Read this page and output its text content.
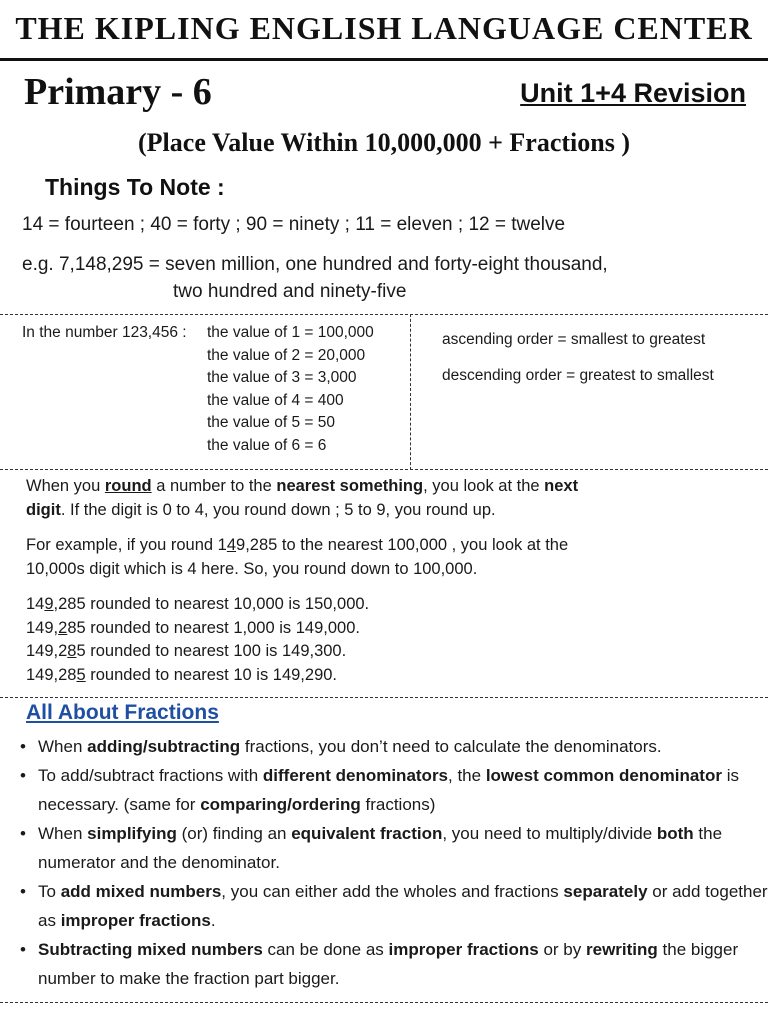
THE KIPLING ENGLISH LANGUAGE CENTER
Primary - 6	Unit 1+4 Revision
(Place Value Within 10,000,000 + Fractions )
Things To Note :
14 = fourteen ; 40 = forty ; 90 = ninety ; 11 = eleven ; 12 = twelve
e.g. 7,148,295 = seven million, one hundred and forty-eight thousand,
two hundred and ninety-five
In the number 123,456 : the value of 1 = 100,000
the value of 2 = 20,000
the value of 3 = 3,000
the value of 4 = 400
the value of 5 = 50
the value of 6 = 6
ascending order = smallest to greatest
descending order = greatest to smallest
When you round a number to the nearest something, you look at the next
digit. If the digit is 0 to 4, you round down ; 5 to 9, you round up.
For example, if you round 149,285 to the nearest 100,000 , you look at the
10,000s digit which is 4 here. So, you round down to 100,000.
149,285 rounded to nearest 10,000 is 150,000.
149,285 rounded to nearest 1,000 is 149,000.
149,285 rounded to nearest 100 is 149,300.
149,285 rounded to nearest 10 is 149,290.
All About Fractions
• When adding/subtracting fractions, you don’t need to calculate the denominators.
• To add/subtract fractions with different denominators, the lowest common denominator is necessary. (same for comparing/ordering fractions)
• When simplifying (or) finding an equivalent fraction, you need to multiply/divide both the numerator and the denominator.
• To add mixed numbers, you can either add the wholes and fractions separately or add together as improper fractions.
• Subtracting mixed numbers can be done as improper fractions or by rewriting the bigger number to make the fraction part bigger.
